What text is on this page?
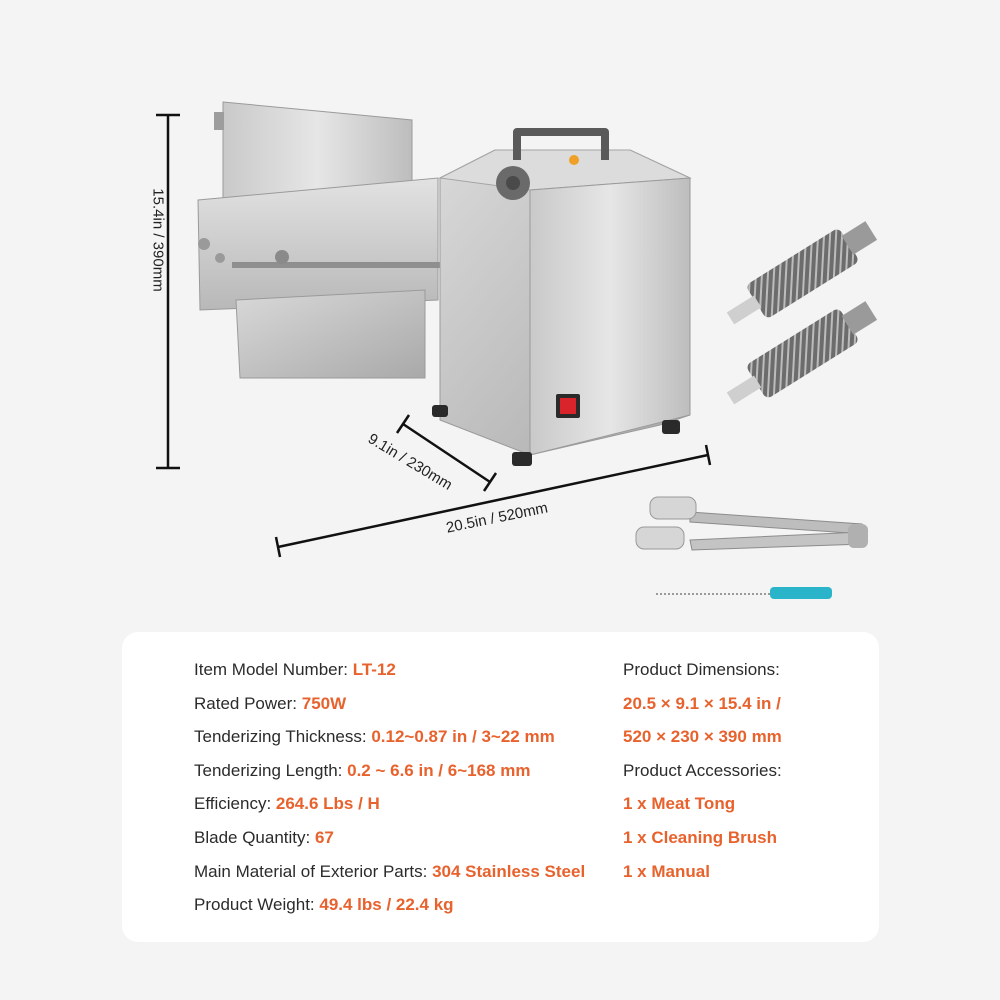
15.4in / 390mm
9.1in / 230mm
20.5in / 520mm
Item Model Number: LT-12
Rated Power: 750W
Tenderizing Thickness: 0.12~0.87 in / 3~22 mm
Tenderizing Length: 0.2 ~ 6.6 in / 6~168 mm
Efficiency: 264.6 Lbs / H
Blade Quantity: 67
Main Material of Exterior Parts: 304 Stainless Steel
Product Weight: 49.4 lbs / 22.4 kg
Product Dimensions:
20.5 × 9.1 × 15.4 in /
520 × 230 × 390 mm
Product Accessories:
1 x Meat Tong
1 x Cleaning Brush
1 x Manual
